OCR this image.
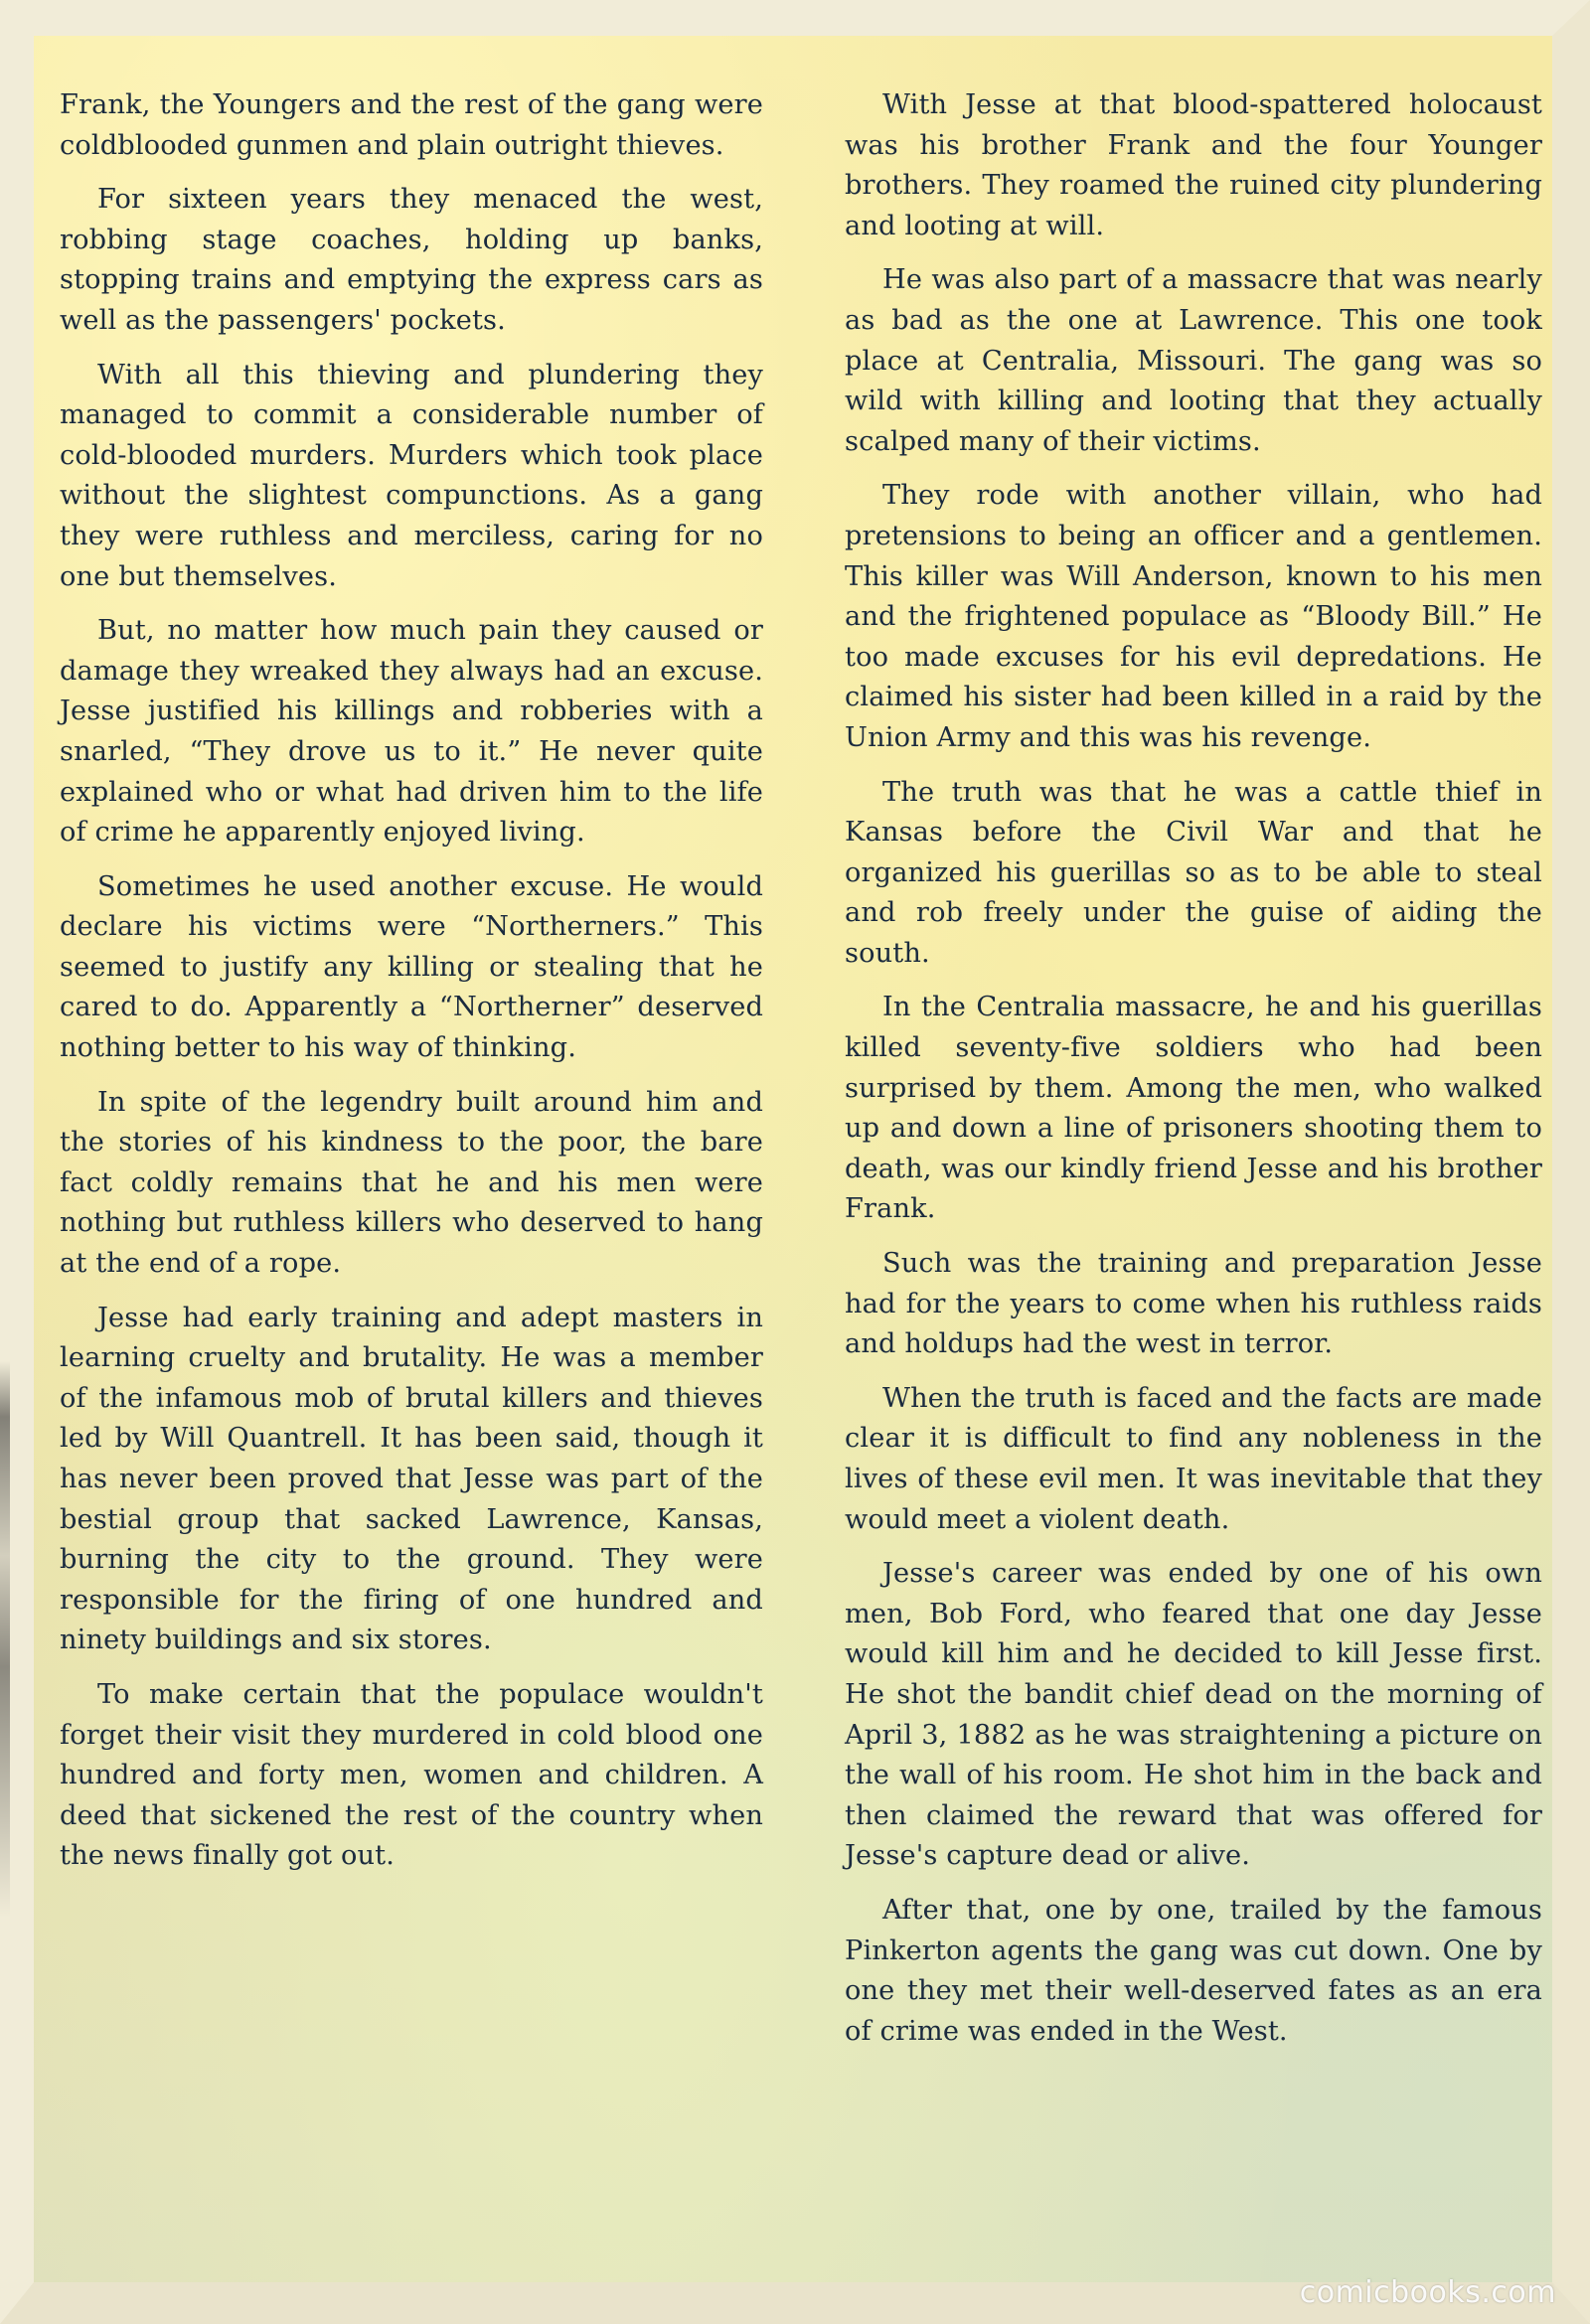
Frank, the Youngers and the rest of the gang were coldblooded gunmen and plain outright thieves.

For sixteen years they menaced the west, robbing stage coaches, holding up banks, stopping trains and emptying the express cars as well as the passengers' pockets.

With all this thieving and plundering they managed to commit a considerable number of cold-blooded murders. Murders which took place without the slightest compunctions. As a gang they were ruthless and merciless, caring for no one but themselves.

But, no matter how much pain they caused or damage they wreaked they always had an excuse. Jesse justified his killings and robberies with a snarled, “They drove us to it.” He never quite explained who or what had driven him to the life of crime he apparently enjoyed living.

Sometimes he used another excuse. He would declare his victims were “Northerners.” This seemed to justify any killing or stealing that he cared to do. Apparently a “Northerner” deserved nothing better to his way of thinking.

In spite of the legendry built around him and the stories of his kindness to the poor, the bare fact coldly remains that he and his men were nothing but ruthless killers who deserved to hang at the end of a rope.

Jesse had early training and adept masters in learning cruelty and brutality. He was a member of the infamous mob of brutal killers and thieves led by Will Quantrell. It has been said, though it has never been proved that Jesse was part of the bestial group that sacked Lawrence, Kansas, burning the city to the ground. They were responsible for the firing of one hundred and ninety buildings and six stores.

To make certain that the populace wouldn't forget their visit they murdered in cold blood one hundred and forty men, women and children. A deed that sickened the rest of the country when the news finally got out.

With Jesse at that blood-spattered holocaust was his brother Frank and the four Younger brothers. They roamed the ruined city plundering and looting at will.

He was also part of a massacre that was nearly as bad as the one at Lawrence. This one took place at Centralia, Missouri. The gang was so wild with killing and looting that they actually scalped many of their victims.

They rode with another villain, who had pretensions to being an officer and a gentlemen. This killer was Will Anderson, known to his men and the frightened populace as “Bloody Bill.” He too made excuses for his evil depredations. He claimed his sister had been killed in a raid by the Union Army and this was his revenge.

The truth was that he was a cattle thief in Kansas before the Civil War and that he organized his guerillas so as to be able to steal and rob freely under the guise of aiding the south.

In the Centralia massacre, he and his guerillas killed seventy-five soldiers who had been surprised by them. Among the men, who walked up and down a line of prisoners shooting them to death, was our kindly friend Jesse and his brother Frank.

Such was the training and preparation Jesse had for the years to come when his ruthless raids and holdups had the west in terror.

When the truth is faced and the facts are made clear it is difficult to find any nobleness in the lives of these evil men. It was inevitable that they would meet a violent death.

Jesse's career was ended by one of his own men, Bob Ford, who feared that one day Jesse would kill him and he decided to kill Jesse first. He shot the bandit chief dead on the morning of April 3, 1882 as he was straightening a picture on the wall of his room. He shot him in the back and then claimed the reward that was offered for Jesse's capture dead or alive.

After that, one by one, trailed by the famous Pinkerton agents the gang was cut down. One by one they met their well-deserved fates as an era of crime was ended in the West.

comicbooks.com
